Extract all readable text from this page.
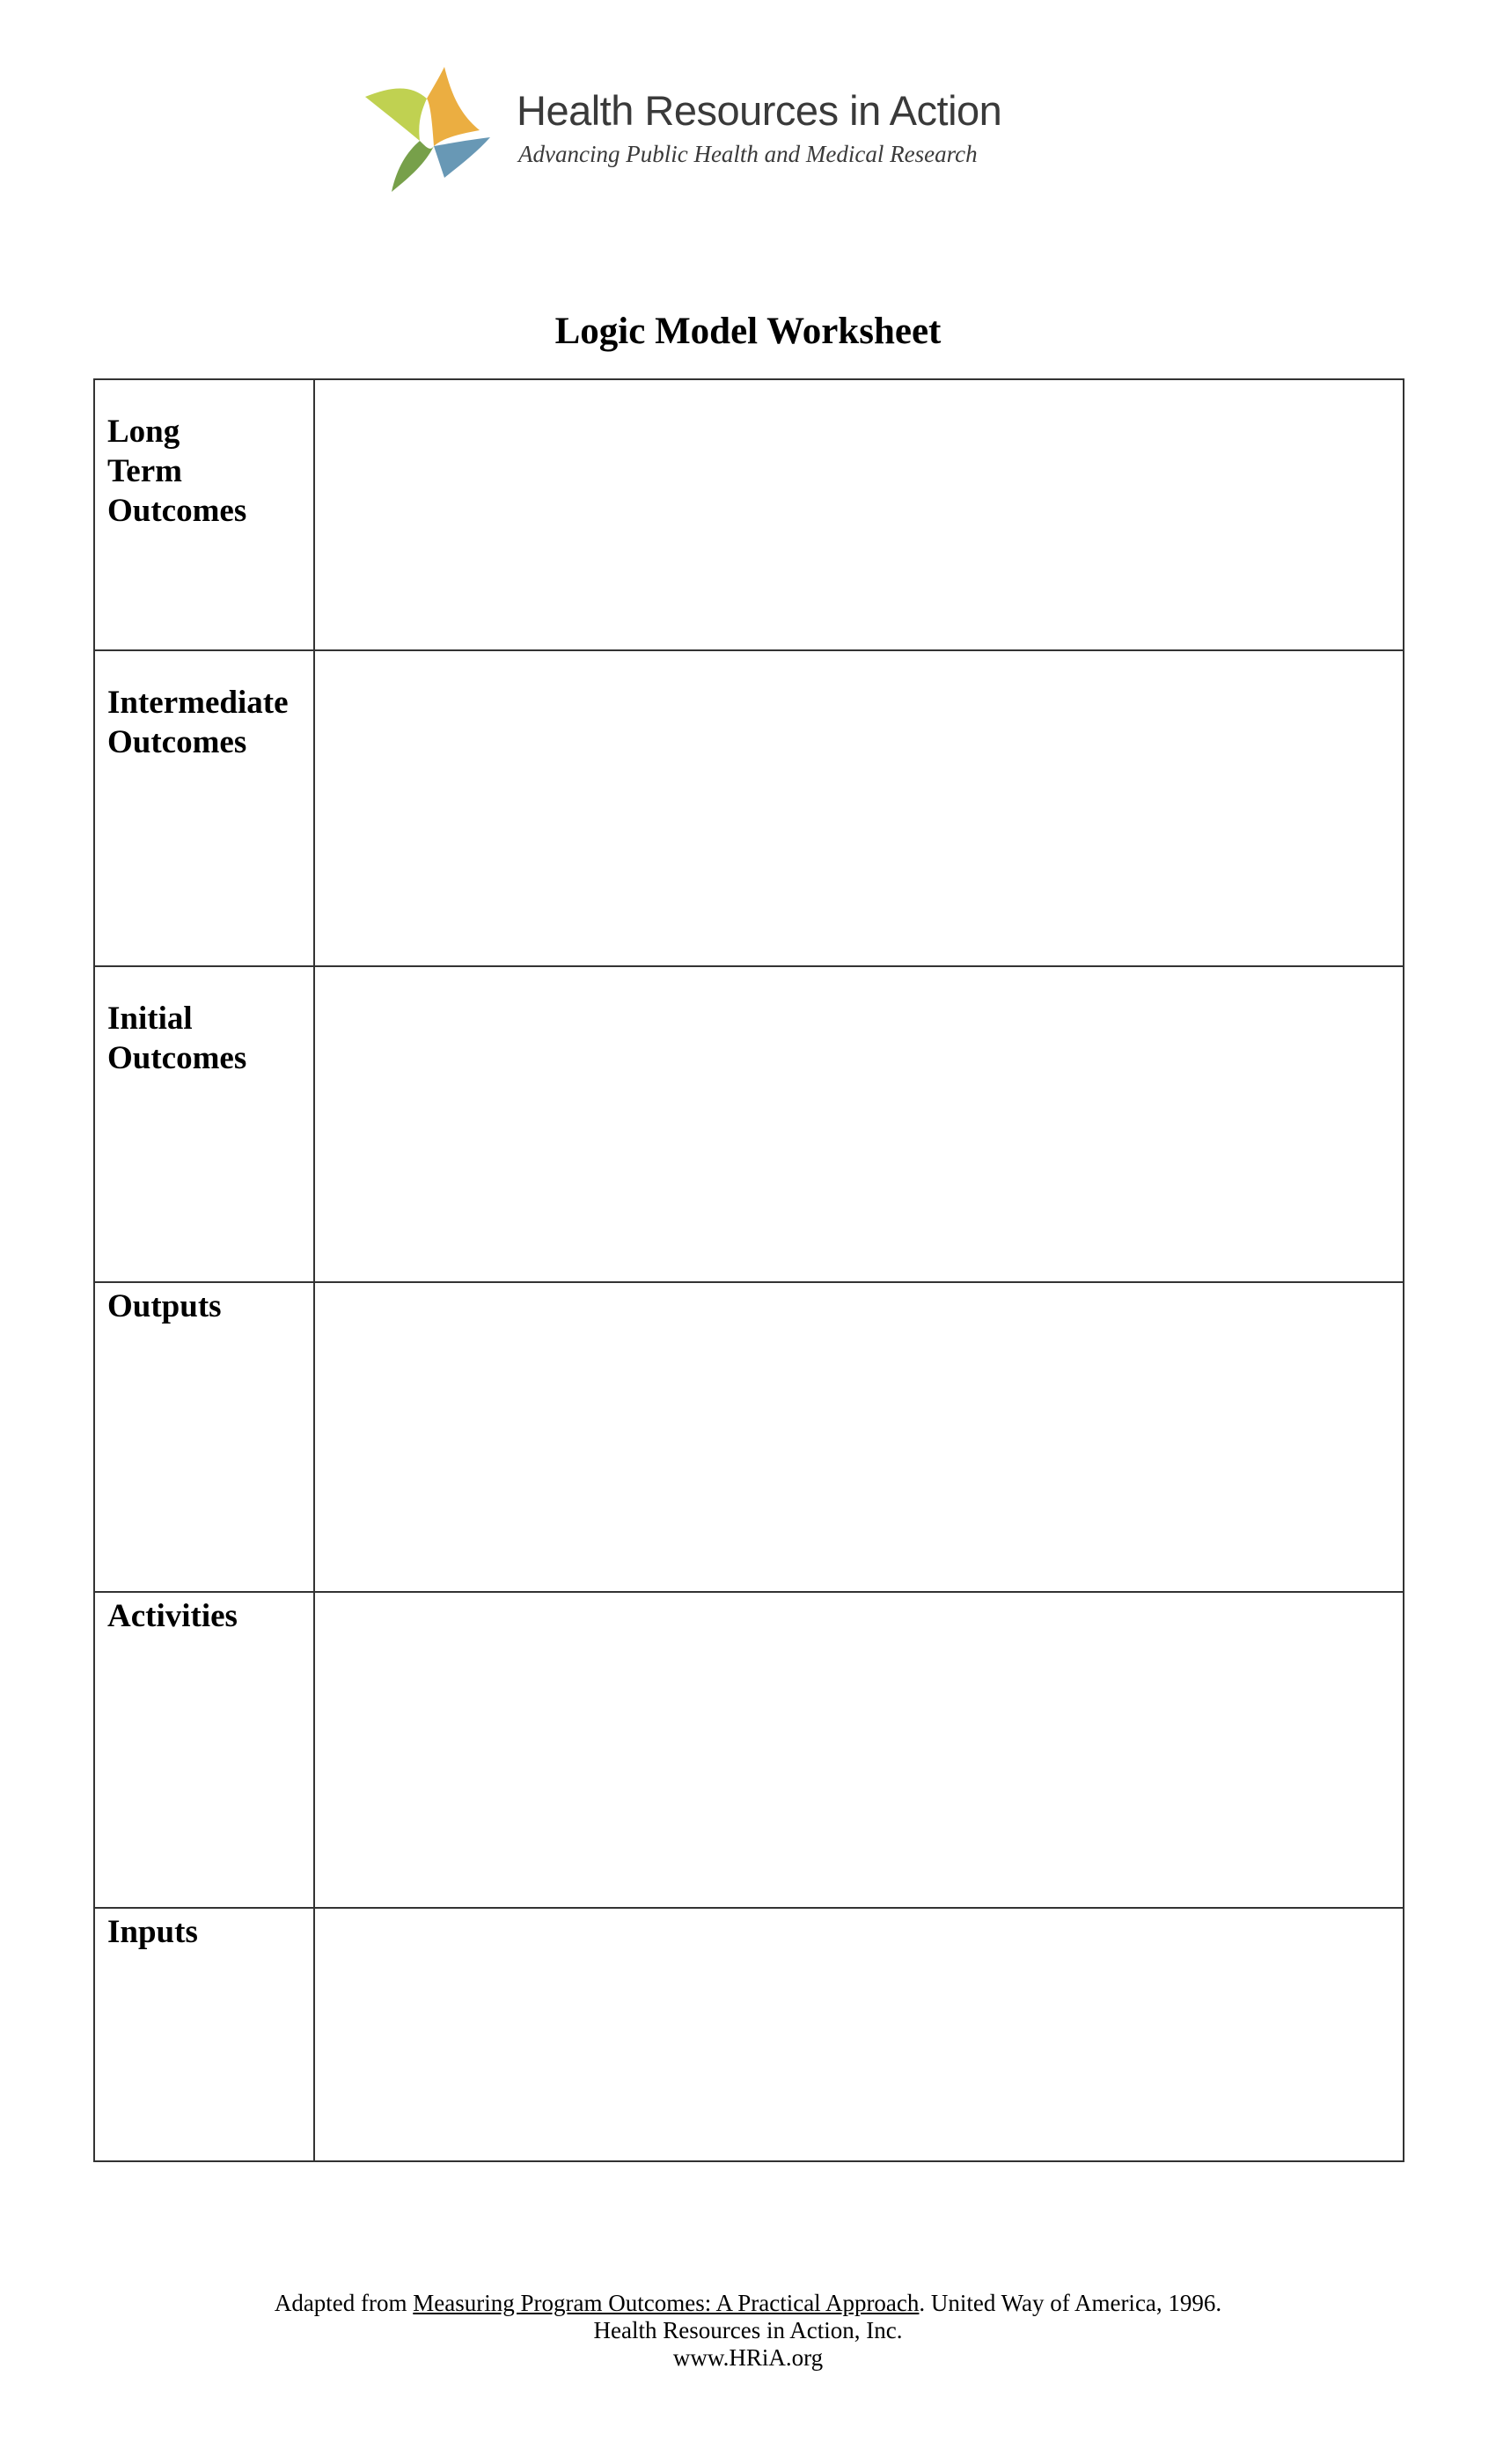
Health Resources in Action
Advancing Public Health and Medical Research
Logic Model Worksheet
Long
Term
Outcomes	

Intermediate
Outcomes	

Initial
Outcomes	

Outputs	

Activities	

Inputs	

Adapted from Measuring Program Outcomes: A Practical Approach. United Way of America, 1996.
Health Resources in Action, Inc.
www.HRiA.org
